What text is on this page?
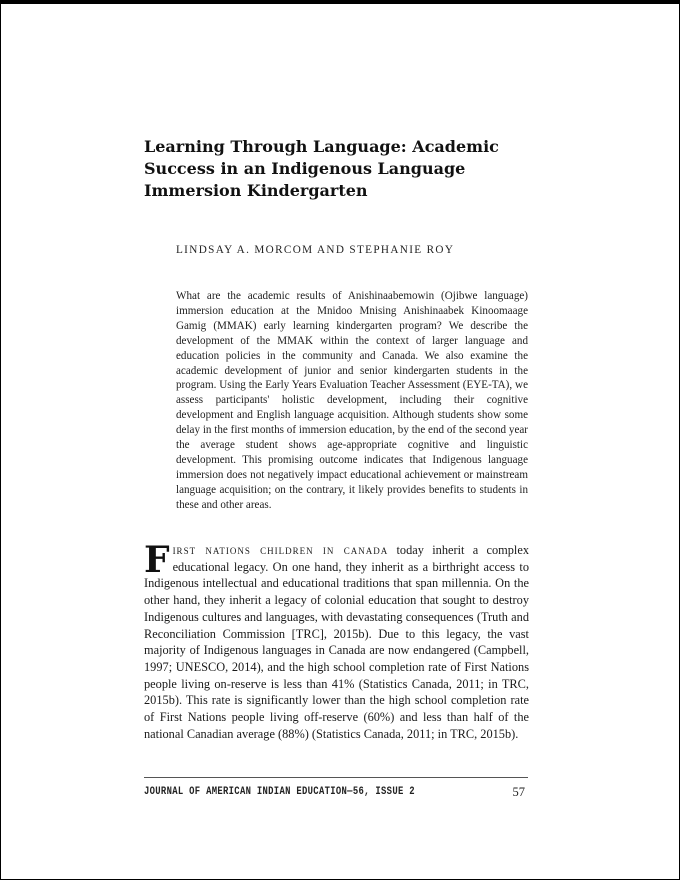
Learning Through Language: Academic Success in an Indigenous Language Immersion Kindergarten
LINDSAY A. MORCOM AND STEPHANIE ROY

What are the academic results of Anishinaabemowin (Ojibwe language) immersion education at the Mnidoo Mnising Anishinaabek Kinoomaage Gamig (MMAK) early learning kindergarten program? We describe the development of the MMAK within the context of larger language and education policies in the community and Canada. We also examine the academic development of junior and senior kindergarten students in the program. Using the Early Years Evaluation Teacher Assessment (EYE-TA), we assess participants' holistic development, including their cognitive development and English language acquisition. Although students show some delay in the first months of immersion education, by the end of the second year the average student shows age-appropriate cognitive and linguistic development. This promising outcome indicates that Indigenous language immersion does not negatively impact educational achievement or mainstream language acquisition; on the contrary, it likely provides benefits to students in these and other areas.

First nations children in canada today inherit a complex educational legacy. On one hand, they inherit as a birthright access to Indigenous intellectual and educational traditions that span millennia. On the other hand, they inherit a legacy of colonial education that sought to destroy Indigenous cultures and languages, with devastating consequences (Truth and Reconciliation Commission [TRC], 2015b). Due to this legacy, the vast majority of Indigenous languages in Canada are now endangered (Campbell, 1997; UNESCO, 2014), and the high school completion rate of First Nations people living on-reserve is less than 41% (Statistics Canada, 2011; in TRC, 2015b). This rate is significantly lower than the high school completion rate of First Nations people living off-reserve (60%) and less than half of the national Canadian average (88%) (Statistics Canada, 2011; in TRC, 2015b).

JOURNAL OF AMERICAN INDIAN EDUCATION—56, ISSUE 2	57
